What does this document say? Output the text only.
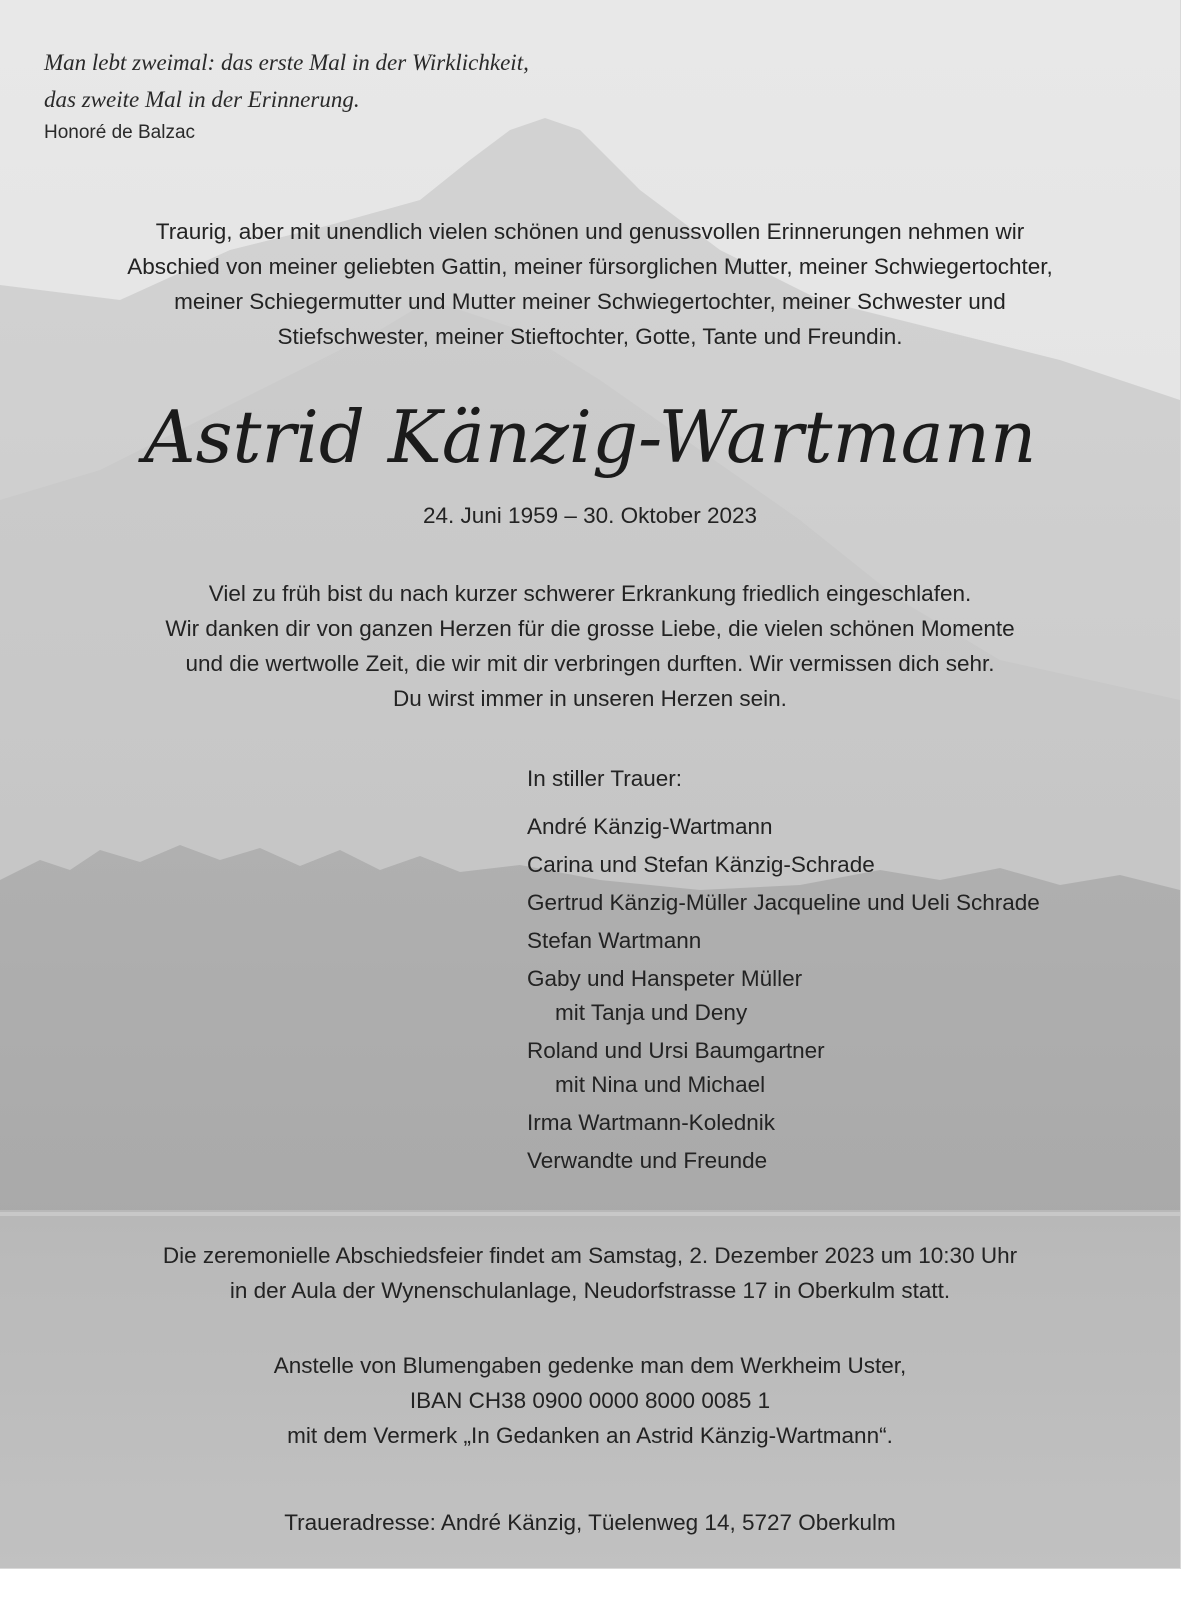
Man lebt zweimal: das erste Mal in der Wirklichkeit,
das zweite Mal in der Erinnerung.
Honoré de Balzac
Traurig, aber mit unendlich vielen schönen und genussvollen Erinnerungen nehmen wir
Abschied von meiner geliebten Gattin, meiner fürsorglichen Mutter, meiner Schwiegertochter,
meiner Schiegermutter und Mutter meiner Schwiegertochter, meiner Schwester und
Stiefschwester, meiner Stieftochter, Gotte, Tante und Freundin.
Astrid Känzig-Wartmann
24. Juni 1959 – 30. Oktober 2023
Viel zu früh bist du nach kurzer schwerer Erkrankung friedlich eingeschlafen.
Wir danken dir von ganzen Herzen für die grosse Liebe, die vielen schönen Momente
und die wertwolle Zeit, die wir mit dir verbringen durften. Wir vermissen dich sehr.
Du wirst immer in unseren Herzen sein.
In stiller Trauer:
André Känzig-Wartmann
Carina und Stefan Känzig-Schrade
Gertrud Känzig-Müller Jacqueline und Ueli Schrade
Stefan Wartmann
Gaby und Hanspeter Müller
mit Tanja und Deny
Roland und Ursi Baumgartner
mit Nina und Michael
Irma Wartmann-Kolednik
Verwandte und Freunde
Die zeremonielle Abschiedsfeier findet am Samstag, 2. Dezember 2023 um 10:30 Uhr
in der Aula der Wynenschulanlage, Neudorfstrasse 17 in Oberkulm statt.
Anstelle von Blumengaben gedenke man dem Werkheim Uster,
IBAN CH38 0900 0000 8000 0085 1
mit dem Vermerk „In Gedanken an Astrid Känzig-Wartmann“.
Traueradresse: André Känzig, Tüelenweg 14, 5727 Oberkulm
